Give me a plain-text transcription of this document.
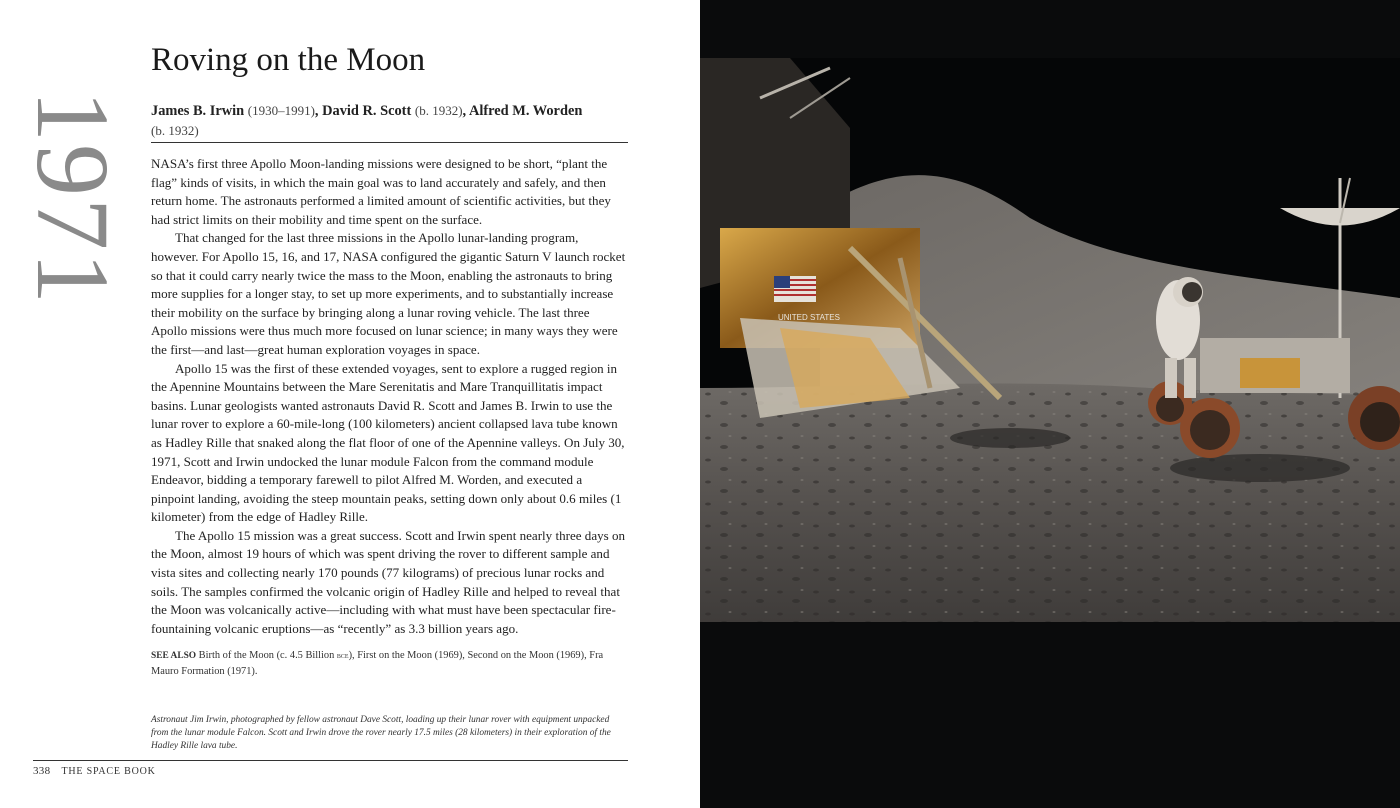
1971
Roving on the Moon
James B. Irwin (1930–1991), David R. Scott (b. 1932), Alfred M. Worden
(b. 1932)

NASA’s first three Apollo Moon-landing missions were designed to be short, “plant the flag” kinds of visits, in which the main goal was to land accurately and safely, and then return home. The astronauts performed a limited amount of scientific activities, but they had strict limits on their mobility and time spent on the surface.

That changed for the last three missions in the Apollo lunar-landing program, however. For Apollo 15, 16, and 17, NASA configured the gigantic Saturn V launch rocket so that it could carry nearly twice the mass to the Moon, enabling the astronauts to bring more supplies for a longer stay, to set up more experiments, and to substantially increase their mobility on the surface by bringing along a lunar roving vehicle. The last three Apollo missions were thus much more focused on lunar science; in many ways they were the first—and last—great human exploration voyages in space.

Apollo 15 was the first of these extended voyages, sent to explore a rugged region in the Apennine Mountains between the Mare Serenitatis and Mare Tranquillitatis impact basins. Lunar geologists wanted astronauts David R. Scott and James B. Irwin to use the lunar rover to explore a 60-mile-long (100 kilometers) ancient collapsed lava tube known as Hadley Rille that snaked along the flat floor of one of the Apennine valleys. On July 30, 1971, Scott and Irwin undocked the lunar module Falcon from the command module Endeavor, bidding a temporary farewell to pilot Alfred M. Worden, and executed a pinpoint landing, avoiding the steep mountain peaks, setting down only about 0.6 miles (1 kilometer) from the edge of Hadley Rille.

The Apollo 15 mission was a great success. Scott and Irwin spent nearly three days on the Moon, almost 19 hours of which was spent driving the rover to different sample and vista sites and collecting nearly 170 pounds (77 kilograms) of precious lunar rocks and soils. The samples confirmed the volcanic origin of Hadley Rille and helped to reveal that the Moon was volcanically active—including with what must have been spectacular fire-fountaining volcanic eruptions—as “recently” as 3.3 billion years ago.

SEE ALSO Birth of the Moon (c. 4.5 Billion bce), First on the Moon (1969), Second on the Moon (1969), Fra Mauro Formation (1971).
Astronaut Jim Irwin, photographed by fellow astronaut Dave Scott, loading up their lunar rover with equipment unpacked from the lunar module Falcon. Scott and Irwin drove the rover nearly 17.5 miles (28 kilometers) in their exploration of the Hadley Rille lava tube.
338 THE SPACE BOOK
UNITED STATES
